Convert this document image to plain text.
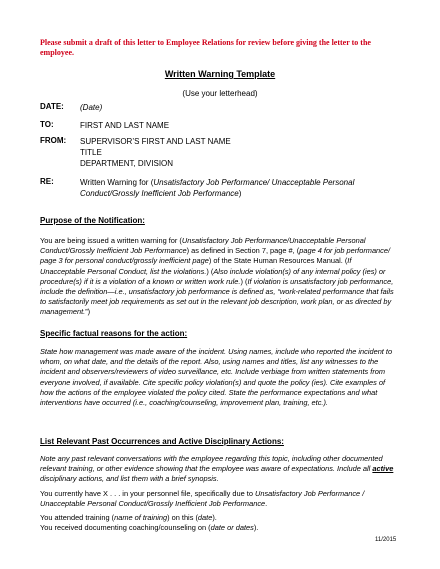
Please submit a draft of this letter to Employee Relations for review before giving the letter to the employee.
Written Warning Template
(Use your letterhead)
DATE: (Date)
TO:	FIRST AND LAST NAME
FROM: SUPERVISOR’S FIRST AND LAST NAME
TITLE
DEPARTMENT, DIVISION
RE:	Written Warning for (Unsatisfactory Job Performance/ Unacceptable Personal Conduct/Grossly Inefficient Job Performance)
Purpose of the Notification:

You are being issued a written warning for (Unsatisfactory Job Performance/Unacceptable Personal Conduct/Grossly Inefficient Job Performance) as defined in Section 7, page #, (page 4 for job performance/ page 3 for personal conduct/grossly inefficient page) of the State Human Resources Manual. (If Unacceptable Personal Conduct, list the violations.) (Also include violation(s) of any internal policy (ies) or procedure(s) if it is a violation of a known or written work rule.) (If violation is unsatisfactory job performance, include the definition—i.e., unsatisfactory job performance is defined as, “work-related performance that fails to satisfactorily meet job requirements as set out in the relevant job description, work plan, or as directed by management.”)

Specific factual reasons for the action:
State how management was made aware of the incident. Using names, include who reported the incident to whom, on what date, and the details of the report. Also, using names and titles, list any witnesses to the incident and observers/reviewers of video surveillance, etc. Include verbiage from written statements from everyone involved, if available. Cite specific policy violation(s) and quote the policy (ies). Cite examples of how the actions of the employee violated the policy cited. State the performance expectations and what interventions have occurred (i.e., coaching/counseling, improvement plan, training, etc.).
List Relevant Past Occurrences and Active Disciplinary Actions:

Note any past relevant conversations with the employee regarding this topic, including other documented relevant training, or other evidence showing that the employee was aware of expectations. Include all active disciplinary actions, and list them with a brief synopsis.

You currently have X . . . in your personnel file, specifically due to Unsatisfactory Job Performance / Unacceptable Personal Conduct/Grossly Inefficient Job Performance.

You attended training (name of training) on this (date).

You received documenting coaching/counseling on (date or dates).

11/2015
